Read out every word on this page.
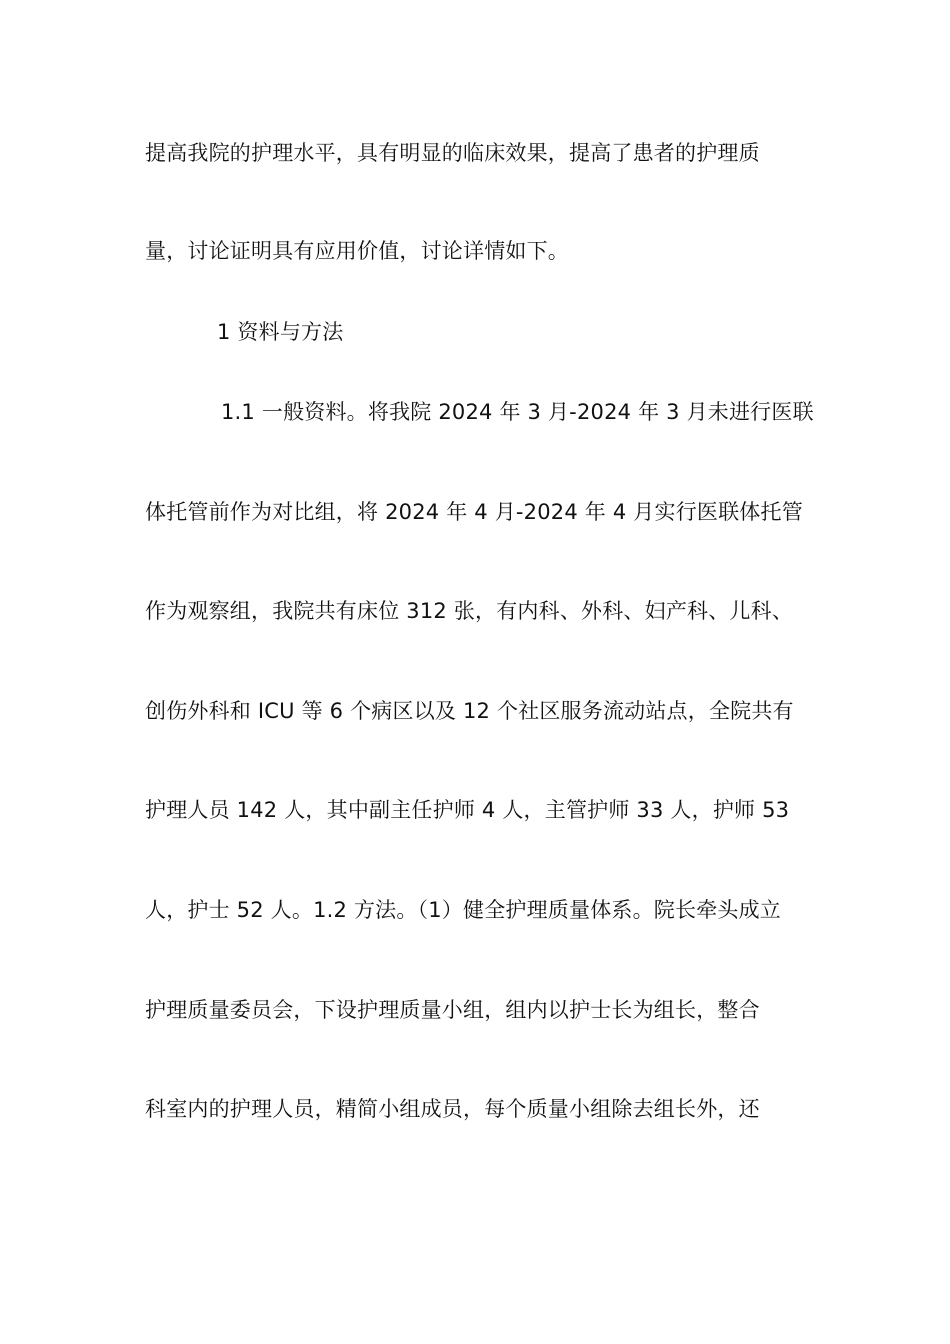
提高我院的护理水平，具有明显的临床效果，提高了患者的护理质
量，讨论证明具有应用价值，讨论详情如下。
1 资料与方法
1.1 一般资料。将我院 2024 年 3 月-2024 年 3 月未进行医联
体托管前作为对比组，将 2024 年 4 月-2024 年 4 月实行医联体托管
作为观察组，我院共有床位 312 张，有内科、外科、妇产科、儿科、
创伤外科和 ICU 等 6 个病区以及 12 个社区服务流动站点，全院共有
护理人员 142 人，其中副主任护师 4 人，主管护师 33 人，护师 53
人，护士 52 人。1.2 方法。（1）健全护理质量体系。院长牵头成立
护理质量委员会，下设护理质量小组，组内以护士长为组长，整合
科室内的护理人员，精简小组成员，每个质量小组除去组长外，还
